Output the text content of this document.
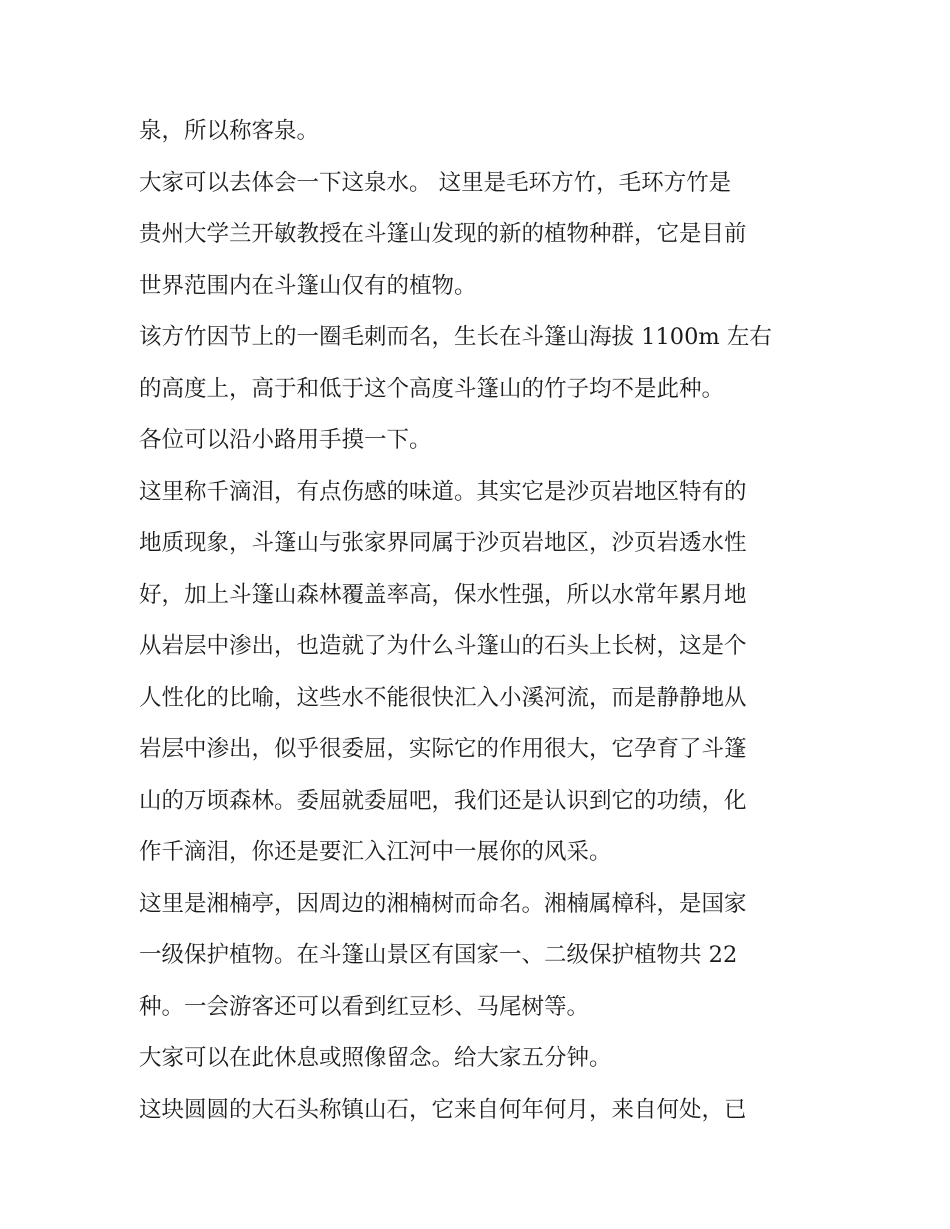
泉，所以称客泉。
大家可以去体会一下这泉水。 这里是毛环方竹，毛环方竹是
贵州大学兰开敏教授在斗篷山发现的新的植物种群，它是目前
世界范围内在斗篷山仅有的植物。
该方竹因节上的一圈毛刺而名，生长在斗篷山海拔 1100m 左右
的高度上，高于和低于这个高度斗篷山的竹子均不是此种。
各位可以沿小路用手摸一下。
这里称千滴泪，有点伤感的味道。其实它是沙页岩地区特有的
地质现象，斗篷山与张家界同属于沙页岩地区，沙页岩透水性
好，加上斗篷山森林覆盖率高，保水性强，所以水常年累月地
从岩层中渗出，也造就了为什么斗篷山的石头上长树，这是个
人性化的比喻，这些水不能很快汇入小溪河流，而是静静地从
岩层中渗出，似乎很委屈，实际它的作用很大，它孕育了斗篷
山的万顷森林。委屈就委屈吧，我们还是认识到它的功绩，化
作千滴泪，你还是要汇入江河中一展你的风采。
这里是湘楠亭，因周边的湘楠树而命名。湘楠属樟科，是国家
一级保护植物。在斗篷山景区有国家一、二级保护植物共 22
种。一会游客还可以看到红豆杉、马尾树等。
大家可以在此休息或照像留念。给大家五分钟。
这块圆圆的大石头称镇山石，它来自何年何月，来自何处，已
